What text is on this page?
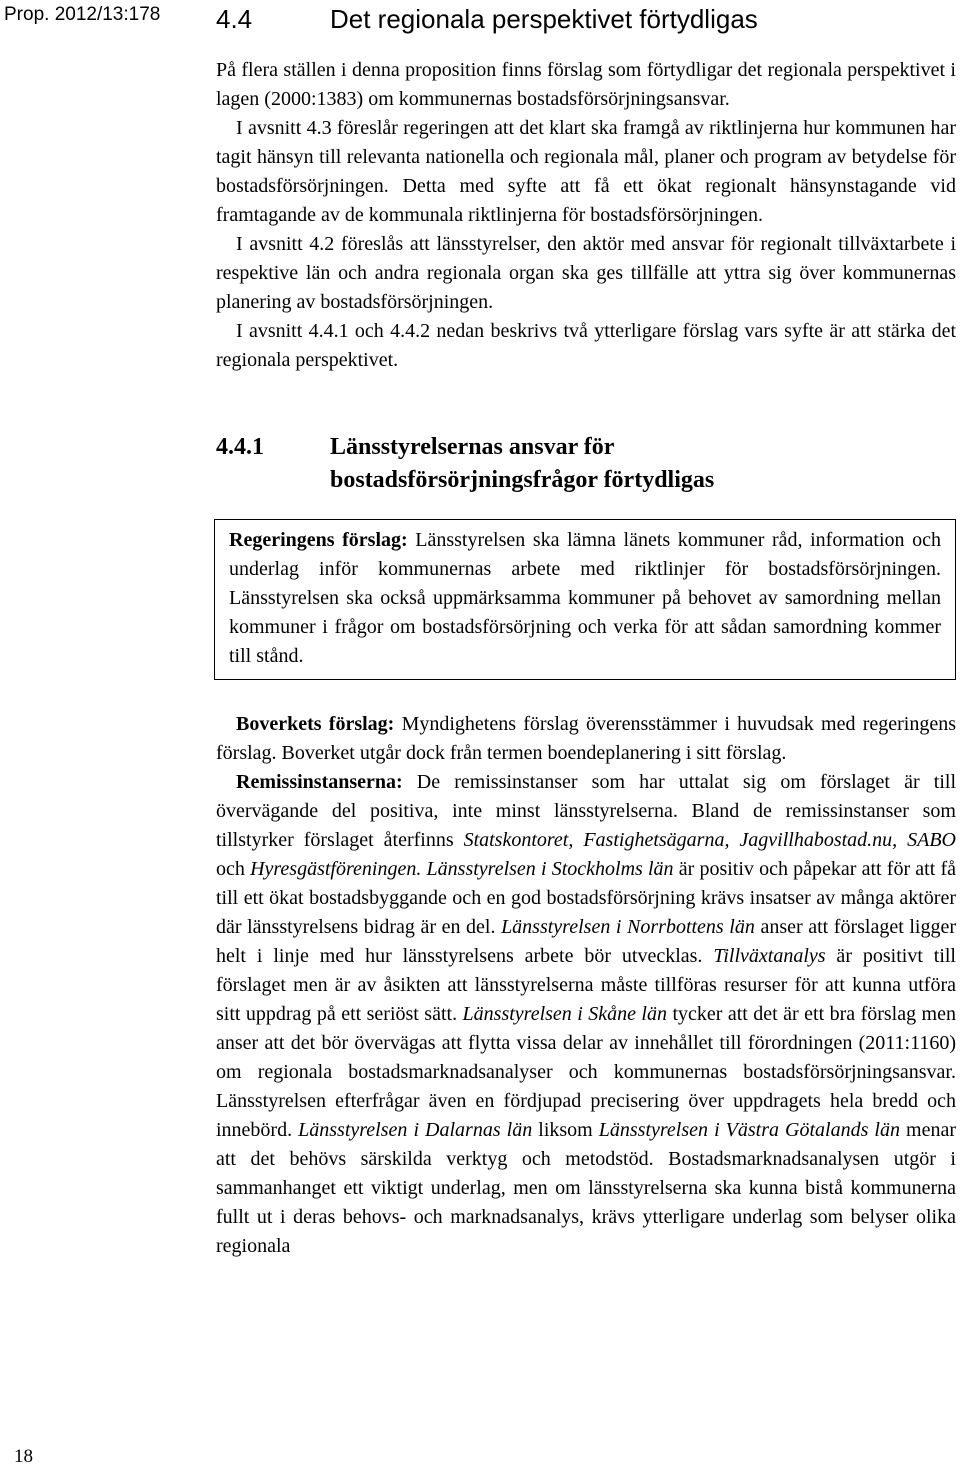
Prop. 2012/13:178
18
4.4	Det regionala perspektivet förtydligas

På flera ställen i denna proposition finns förslag som förtydligar det regionala perspektivet i lagen (2000:1383) om kommunernas bostadsförsörjningsansvar.

I avsnitt 4.3 föreslår regeringen att det klart ska framgå av riktlinjerna hur kommunen har tagit hänsyn till relevanta nationella och regionala mål, planer och program av betydelse för bostadsförsörjningen. Detta med syfte att få ett ökat regionalt hänsynstagande vid framtagande av de kommunala riktlinjerna för bostadsförsörjningen.

I avsnitt 4.2 föreslås att länsstyrelser, den aktör med ansvar för regionalt tillväxtarbete i respektive län och andra regionala organ ska ges tillfälle att yttra sig över kommunernas planering av bostadsförsörjningen.

I avsnitt 4.4.1 och 4.4.2 nedan beskrivs två ytterligare förslag vars syfte är att stärka det regionala perspektivet.

4.4.1	Länsstyrelsernas ansvar för
bostadsförsörjningsfrågor förtydligas

Regeringens förslag: Länsstyrelsen ska lämna länets kommuner råd, information och underlag inför kommunernas arbete med riktlinjer för bostadsförsörjningen. Länsstyrelsen ska också uppmärksamma kommuner på behovet av samordning mellan kommuner i frågor om bostadsförsörjning och verka för att sådan samordning kommer till stånd.

Boverkets förslag: Myndighetens förslag överensstämmer i huvudsak med regeringens förslag. Boverket utgår dock från termen boendeplanering i sitt förslag.

Remissinstanserna: De remissinstanser som har uttalat sig om förslaget är till övervägande del positiva, inte minst länsstyrelserna. Bland de remissinstanser som tillstyrker förslaget återfinns Statskontoret, Fastighetsägarna, Jagvillhabostad.nu, SABO och Hyresgästföreningen. Länsstyrelsen i Stockholms län är positiv och påpekar att för att få till ett ökat bostadsbyggande och en god bostadsförsörjning krävs insatser av många aktörer där länsstyrelsens bidrag är en del. Länsstyrelsen i Norrbottens län anser att förslaget ligger helt i linje med hur länsstyrelsens arbete bör utvecklas. Tillväxtanalys är positivt till förslaget men är av åsikten att länsstyrelserna måste tillföras resurser för att kunna utföra sitt uppdrag på ett seriöst sätt. Länsstyrelsen i Skåne län tycker att det är ett bra förslag men anser att det bör övervägas att flytta vissa delar av innehållet till förordningen (2011:1160) om regionala bostadsmarknadsanalyser och kommunernas bostadsförsörjningsansvar. Länsstyrelsen efterfrågar även en fördjupad precisering över uppdragets hela bredd och innebörd. Länsstyrelsen i Dalarnas län liksom Länsstyrelsen i Västra Götalands län menar att det behövs särskilda verktyg och metodstöd. Bostadsmarknadsanalysen utgör i sammanhanget ett viktigt underlag, men om länsstyrelserna ska kunna bistå kommunerna fullt ut i deras behovs- och marknadsanalys, krävs ytterligare underlag som belyser olika regionala
